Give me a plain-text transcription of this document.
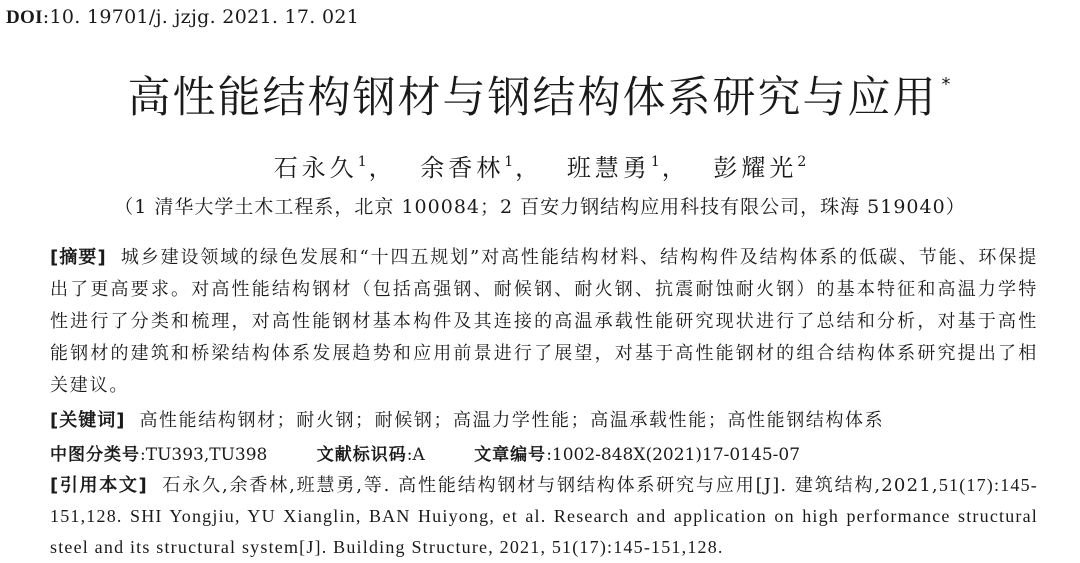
DOI:10. 19701/j. jzjg. 2021. 17. 021
高性能结构钢材与钢结构体系研究与应用 *
石永久$^1$， 余香林$^1$， 班慧勇$^1$， 彭耀光$^2$
（1 清华大学土木工程系，北京 100084；2 百安力钢结构应用科技有限公司，珠海 519040）
[摘要] 城乡建设领域的绿色发展和“十四五规划”对高性能结构材料、结构构件及结构体系的低碳、节能、环保提出了更高要求。对高性能结构钢材（包括高强钢、耐候钢、耐火钢、抗震耐蚀耐火钢）的基本特征和高温力学特性进行了分类和梳理，对高性能钢材基本构件及其连接的高温承载性能研究现状进行了总结和分析，对基于高性能钢材的建筑和桥梁结构体系发展趋势和应用前景进行了展望，对基于高性能钢材的组合结构体系研究提出了相关建议。
[关键词] 高性能结构钢材；耐火钢；耐候钢；高温力学性能；高温承载性能；高性能钢结构体系
中图分类号:TU393,TU398	文献标识码:A	文章编号:1002-848X(2021)17-0145-07
[引用本文] 石永久,余香林,班慧勇,等. 高性能结构钢材与钢结构体系研究与应用[J]. 建筑结构,2021,51(17):145-151,128. SHI Yongjiu, YU Xianglin, BAN Huiyong, et al. Research and application on high performance structural steel and its structural system[J]. Building Structure, 2021, 51(17):145-151,128.
